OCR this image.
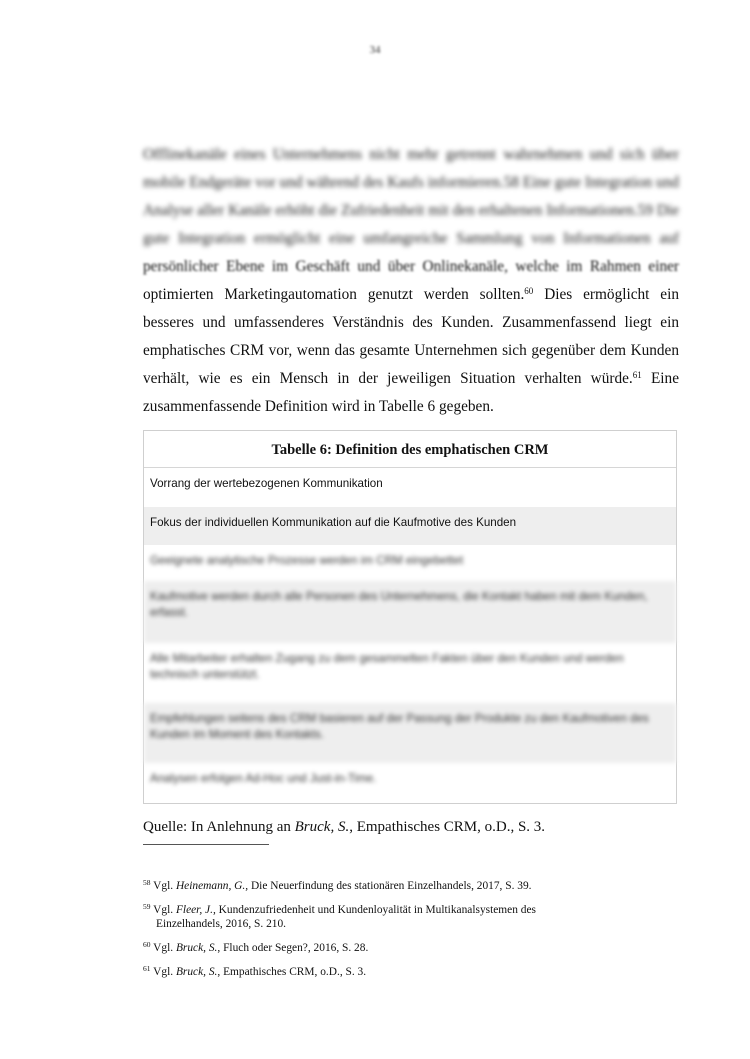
34
Offlinekanäle eines Unternehmens nicht mehr getrennt wahrnehmen und sich über
mobile Endgeräte vor und während des Kaufs informieren.58 Eine gute Integration und
Analyse aller Kanäle erhöht die Zufriedenheit mit den erhaltenen Informationen.59 Die
gute Integration ermöglicht eine umfangreiche Sammlung von Informationen auf
persönlicher Ebene im Geschäft und über Onlinekanäle, welche im Rahmen einer
optimierten Marketingautomation genutzt werden sollten.$^{60}$ Dies ermöglicht ein
besseres und umfassenderes Verständnis des Kunden. Zusammenfassend liegt ein
emphatisches CRM vor, wenn das gesamte Unternehmen sich gegenüber dem Kunden
verhält, wie es ein Mensch in der jeweiligen Situation verhalten würde.$^{61}$ Eine
zusammenfassende Definition wird in Tabelle 6 gegeben.
Tabelle 6: Definition des emphatischen CRM
Vorrang der wertebezogenen Kommunikation
Fokus der individuellen Kommunikation auf die Kaufmotive des Kunden
Geeignete analytische Prozesse werden im CRM eingebettet
Kaufmotive werden durch alle Personen des Unternehmens, die Kontakt haben mit dem Kunden, erfasst.
Alle Mitarbeiter erhalten Zugang zu dem gesammelten Fakten über den Kunden und werden technisch unterstützt.
Empfehlungen seitens des CRM basieren auf der Passung der Produkte zu den Kaufmotiven des Kunden im Moment des Kontakts.
Analysen erfolgen Ad-Hoc und Just-in-Time.
Quelle: In Anlehnung an Bruck, S., Empathisches CRM, o.D., S. 3.
$^{58}$ Vgl. Heinemann, G., Die Neuerfindung des stationären Einzelhandels, 2017, S. 39.
$^{59}$ Vgl. Fleer, J., Kundenzufriedenheit und Kundenloyalität in Multikanalsystemen des Einzelhandels, 2016, S. 210.
$^{60}$ Vgl. Bruck, S., Fluch oder Segen?, 2016, S. 28.
$^{61}$ Vgl. Bruck, S., Empathisches CRM, o.D., S. 3.
